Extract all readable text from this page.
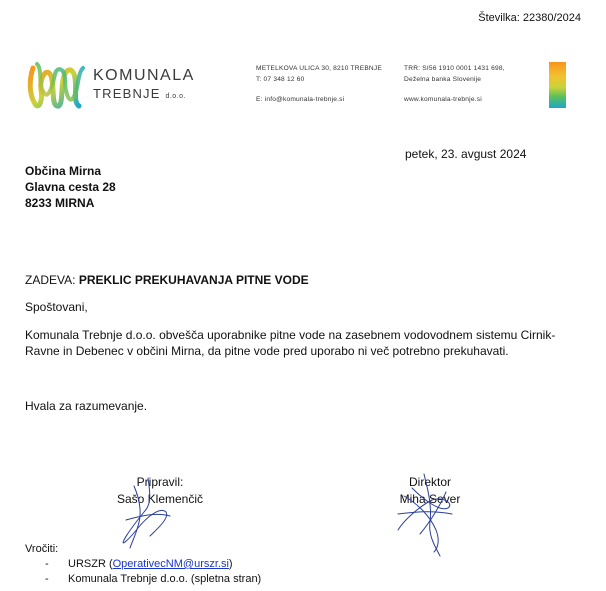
Številka: 22380/2024
KOMUNALA
TREBNJE d.o.o.
METELKOVA ULICA 30, 8210 TREBNJE
T: 07 348 12 60
E: info@komunala-trebnje.si
TRR: SI56 1910 0001 1431 698,
Deželna banka Slovenije
www.komunala-trebnje.si
petek, 23. avgust 2024
Občina Mirna
Glavna cesta 28
8233 MIRNA
ZADEVA: PREKLIC PREKUHAVANJA PITNE VODE
Spoštovani,
Komunala Trebnje d.o.o. obvešča uporabnike pitne vode na zasebnem vodovodnem sistemu Cirnik-Ravne in Debenec v občini Mirna, da pitne vode pred uporabo ni več potrebno prekuhavati.
Hvala za razumevanje.
Pripravil:
Sašo Klemenčič
Direktor
Miha Sever
Vročiti:
- URSZR (OperativecNM@urszr.si)
- Komunala Trebnje d.o.o. (spletna stran)
